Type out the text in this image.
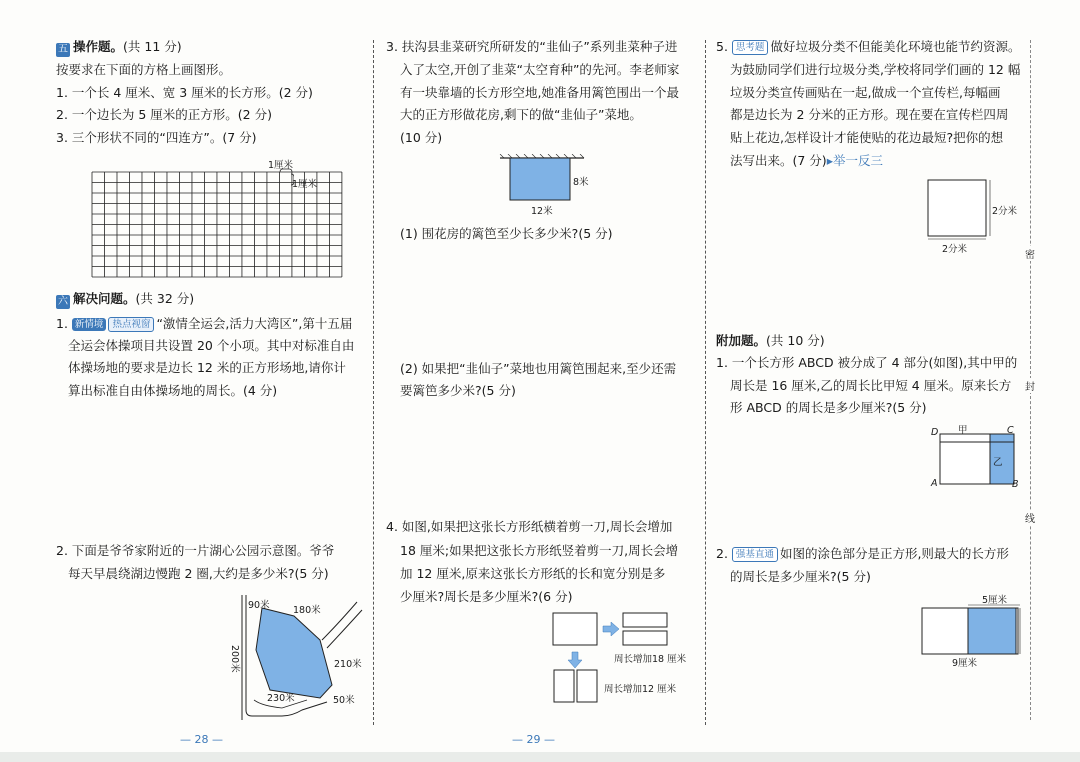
五 操作题。(共 11 分)
按要求在下面的方格上画图形。
1. 一个长 4 厘米、宽 3 厘米的长方形。(2 分)
2. 一个边长为 5 厘米的正方形。(2 分)
3. 三个形状不同的“四连方”。(7 分)
1厘米
1厘米
六 解决问题。(共 32 分)
1. 新情境 热点视窗 “激情全运会,活力大湾区”,第十五届
全运会体操项目共设置 20 个小项。其中对标准自由
体操场地的要求是边长 12 米的正方形场地,请你计
算出标准自由体操场地的周长。(4 分)
2. 下面是爷爷家附近的一片湖心公园示意图。爷爷
每天早晨绕湖边慢跑 2 圈,大约是多少米?(5 分)
90米 180米
200米	210米
230米	50米
— 28 —
3. 扶沟县韭菜研究所研发的“韭仙子”系列韭菜种子进
入了太空,开创了韭菜“太空育种”的先河。李老师家
有一块靠墙的长方形空地,她准备用篱笆围出一个最
大的正方形做花房,剩下的做“韭仙子”菜地。
(10 分)
8米
12米
(1) 围花房的篱笆至少长多少米?(5 分)
(2) 如果把“韭仙子”菜地也用篱笆围起来,至少还需
要篱笆多少米?(5 分)
4. 如图,如果把这张长方形纸横着剪一刀,周长会增加
18 厘米;如果把这张长方形纸竖着剪一刀,周长会增
加 12 厘米,原来这张长方形纸的长和宽分别是多
少厘米?周长是多少厘米?(6 分)
周长增加18 厘米
周长增加12 厘米
— 29 —
5. 思考题 做好垃圾分类不但能美化环境也能节约资源。
为鼓励同学们进行垃圾分类,学校将同学们画的 12 幅
垃圾分类宣传画贴在一起,做成一个宣传栏,每幅画
都是边长为 2 分米的正方形。现在要在宣传栏四周
贴上花边,怎样设计才能使贴的花边最短?把你的想
法写出来。(7 分)▸举一反三
2分米
2分米
附加题。(共 10 分)
1. 一个长方形 ABCD 被分成了 4 部分(如图),其中甲的
周长是 16 厘米,乙的周长比甲短 4 厘米。原来长方
形 ABCD 的周长是多少厘米?(5 分)
D	C
A	B
甲
乙
2. 强基直通 如图的涂色部分是正方形,则最大的长方形
的周长是多少厘米?(5 分)
5厘米
9厘米
密
封
线
